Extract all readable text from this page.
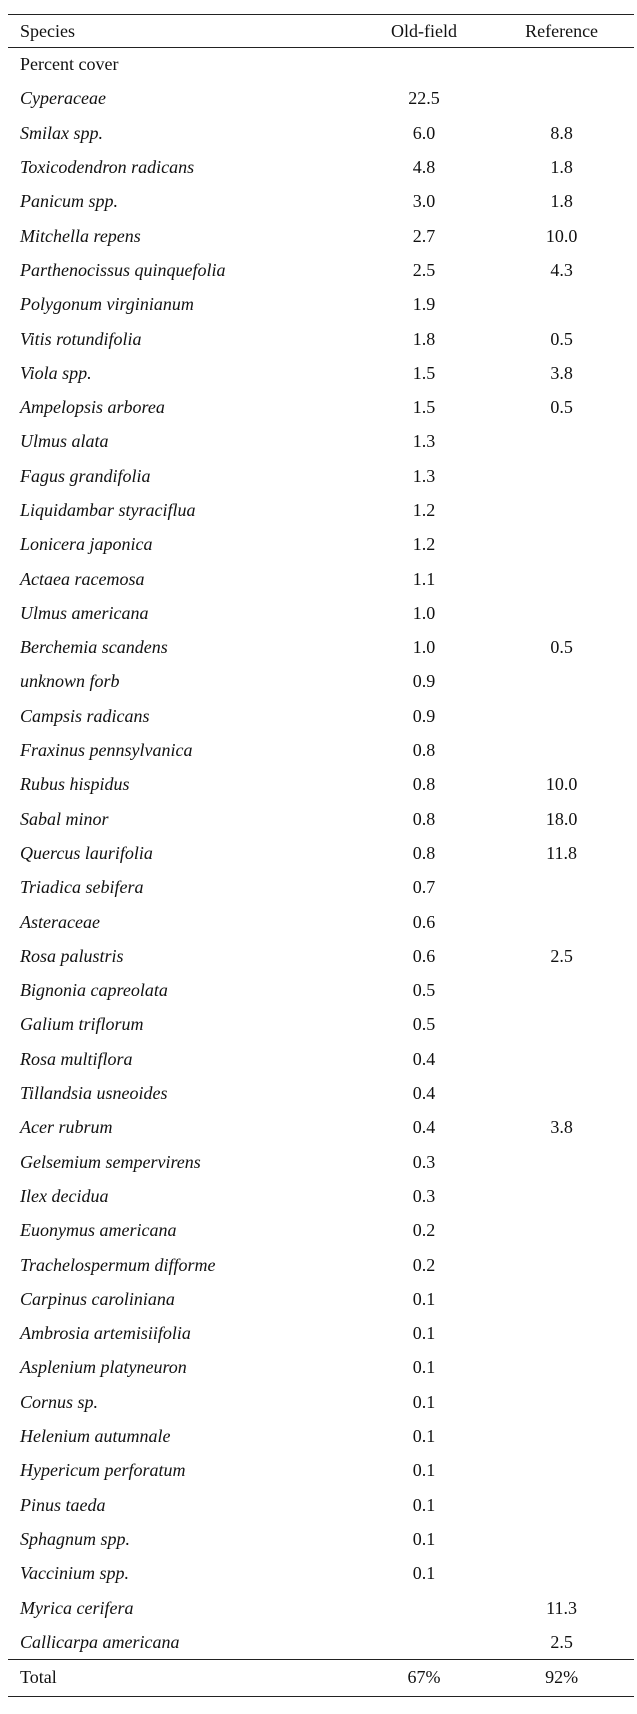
Species	Old-field	Reference
Percent cover		
Cyperaceae	22.5	
Smilax spp.	6.0	8.8
Toxicodendron radicans	4.8	1.8
Panicum spp.	3.0	1.8
Mitchella repens	2.7	10.0
Parthenocissus quinquefolia	2.5	4.3
Polygonum virginianum	1.9	
Vitis rotundifolia	1.8	0.5
Viola spp.	1.5	3.8
Ampelopsis arborea	1.5	0.5
Ulmus alata	1.3	
Fagus grandifolia	1.3	
Liquidambar styraciflua	1.2	
Lonicera japonica	1.2	
Actaea racemosa	1.1	
Ulmus americana	1.0	
Berchemia scandens	1.0	0.5
unknown forb	0.9	
Campsis radicans	0.9	
Fraxinus pennsylvanica	0.8	
Rubus hispidus	0.8	10.0
Sabal minor	0.8	18.0
Quercus laurifolia	0.8	11.8
Triadica sebifera	0.7	
Asteraceae	0.6	
Rosa palustris	0.6	2.5
Bignonia capreolata	0.5	
Galium triflorum	0.5	
Rosa multiflora	0.4	
Tillandsia usneoides	0.4	
Acer rubrum	0.4	3.8
Gelsemium sempervirens	0.3	
Ilex decidua	0.3	
Euonymus americana	0.2	
Trachelospermum difforme	0.2	
Carpinus caroliniana	0.1	
Ambrosia artemisiifolia	0.1	
Asplenium platyneuron	0.1	
Cornus sp.	0.1	
Helenium autumnale	0.1	
Hypericum perforatum	0.1	
Pinus taeda	0.1	
Sphagnum spp.	0.1	
Vaccinium spp.	0.1	
Myrica cerifera		11.3
Callicarpa americana		2.5
Total	67%	92%
